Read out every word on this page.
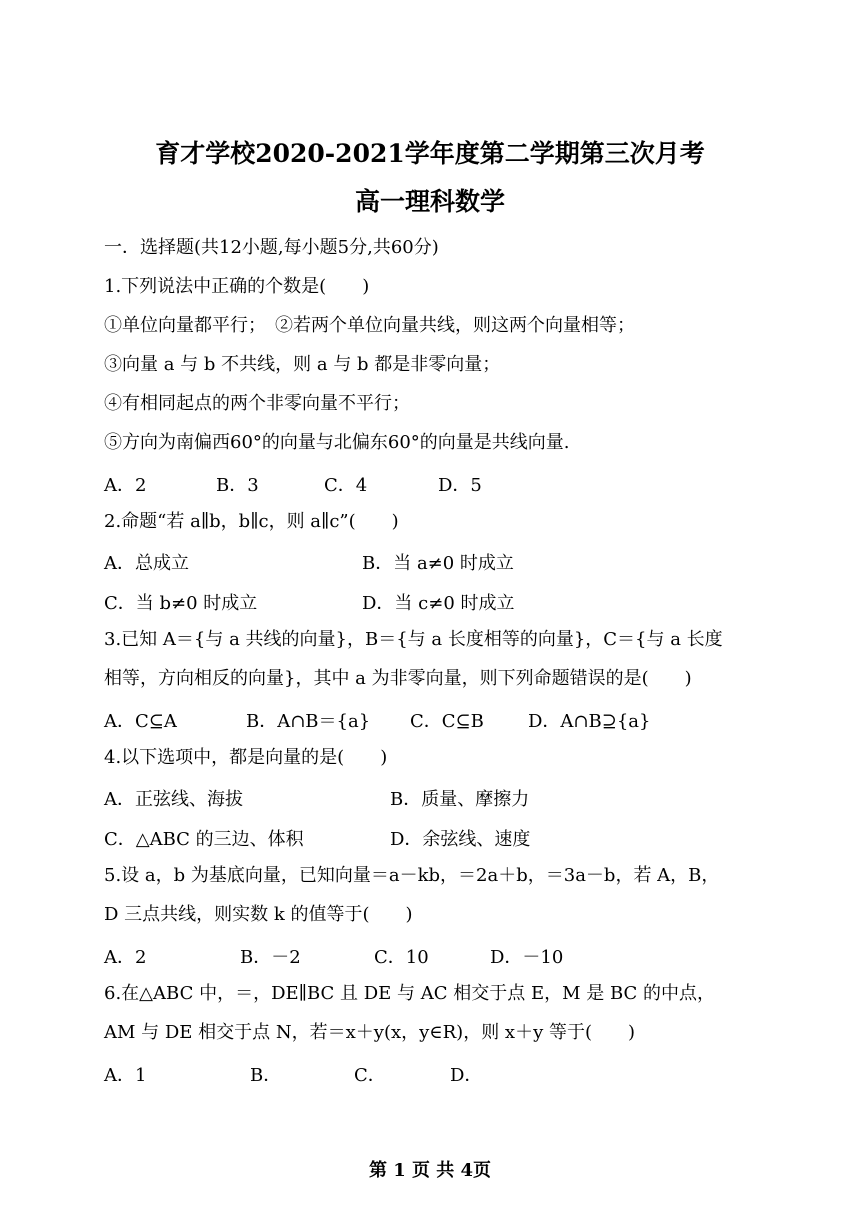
育才学校2020-2021学年度第二学期第三次月考
高一理科数学
一．选择题(共12小题,每小题5分,共60分)
1.下列说法中正确的个数是(　　)
①单位向量都平行；　②若两个单位向量共线，则这两个向量相等；
③向量 a 与 b 不共线，则 a 与 b 都是非零向量；
④有相同起点的两个非零向量不平行；
⑤方向为南偏西60°的向量与北偏东60°的向量是共线向量.
A．2	B．3	C．4	D．5
2.命题“若 a∥b，b∥c，则 a∥c”(　　)
A．总成立	B．当 a≠0 时成立
C．当 b≠0 时成立	D．当 c≠0 时成立
3.已知 A＝{与 a 共线的向量}，B＝{与 a 长度相等的向量}，C＝{与 a 长度
相等，方向相反的向量}，其中 a 为非零向量，则下列命题错误的是(　　)
A．C⊆A	B．A∩B＝{a} C．C⊆B D．A∩B⊇{a}
4.以下选项中，都是向量的是(　　)
A．正弦线、海拔	B．质量、摩擦力
C．△ABC 的三边、体积	D．余弦线、速度
5.设 a，b 为基底向量，已知向量＝a－kb，＝2a＋b，＝3a－b，若 A，B，
D 三点共线，则实数 k 的值等于(　　)
A．2	B．－2	C．10	D．－10
6.在△ABC 中，＝，DE∥BC 且 DE 与 AC 相交于点 E，M 是 BC 的中点，
AM 与 DE 相交于点 N，若＝x＋y(x，y∈R)，则 x＋y 等于(　　)
A．1	B．	C．	D．
第 1 页 共 4页
